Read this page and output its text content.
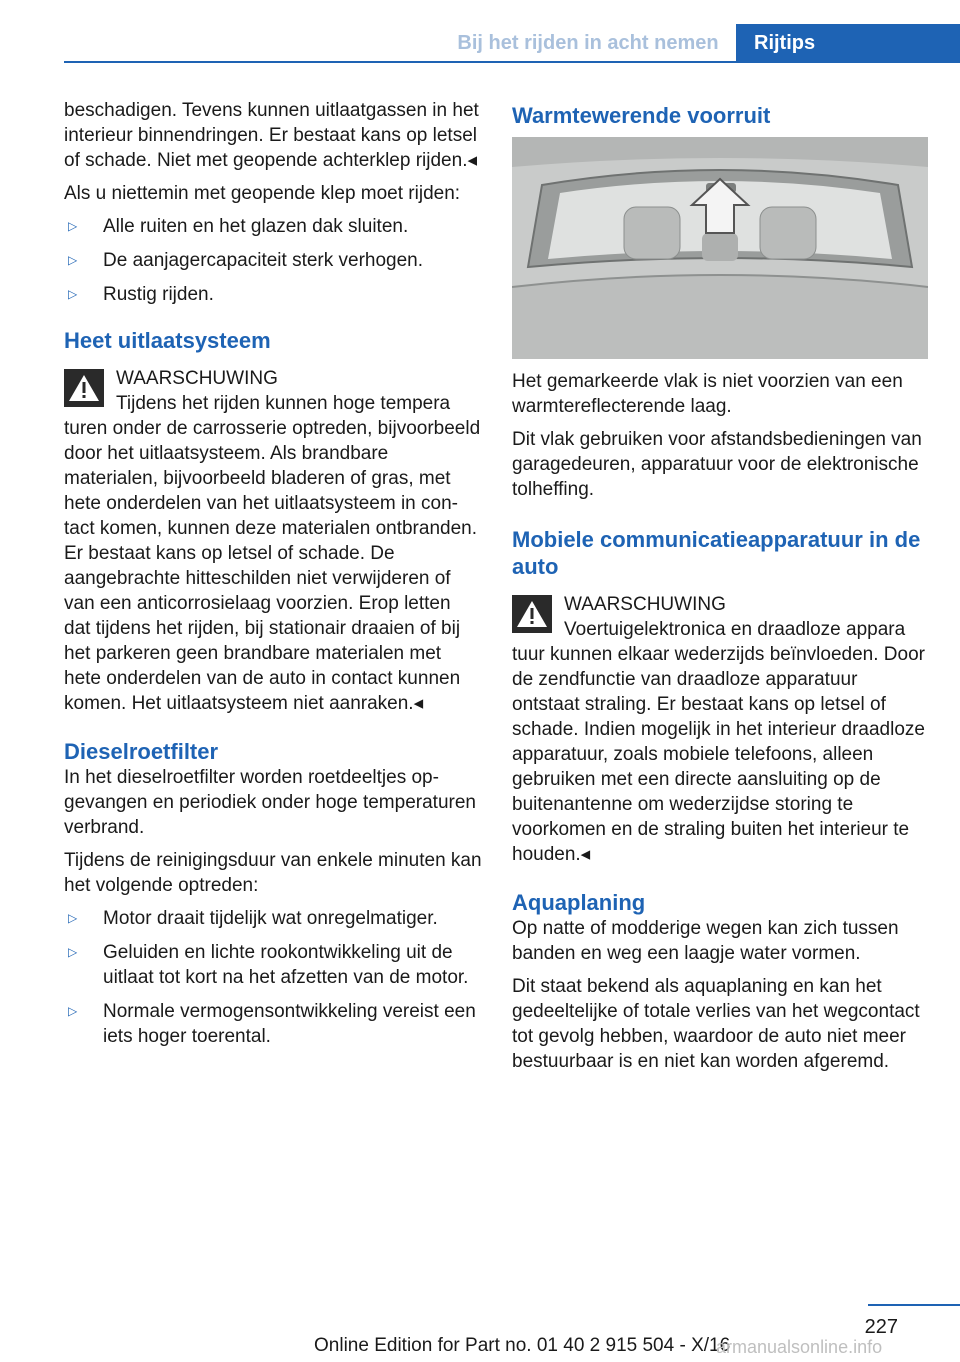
Bij het rijden in acht nemen	Rijtips

beschadigen. Tevens kunnen uitlaatgassen in het interieur binnendringen. Er bestaat kans op letsel of schade. Niet met geopende achterklep rijden.◂

Als u niettemin met geopende klep moet rijden:

▷	Alle ruiten en het glazen dak sluiten.
▷	De aanjagercapaciteit sterk verhogen.
▷	Rustig rijden.
Heet uitlaatsysteem
WAARSCHUWING

Tijdens het rijden kunnen hoge tempera

turen onder de carrosserie optreden, bijvoorbeeld door het uitlaatsysteem. Als brandbare materialen, bijvoorbeeld bladeren of gras, met hete onderdelen van het uitlaatsysteem in contact komen, kunnen deze materialen ontbranden. Er bestaat kans op letsel of schade. De aangebrachte hitteschilden niet verwijderen of van een anticorrosielaag voorzien. Erop letten dat tijdens het rijden, bij stationair draaien of bij het parkeren geen brandbare materialen met hete onderdelen van de auto in contact kunnen komen. Het uitlaatsysteem niet aanraken.◂

Dieselroetfilter

In het dieselroetfilter worden roetdeeltjes opgevangen en periodiek onder hoge temperaturen verbrand.

Tijdens de reinigingsduur van enkele minuten kan het volgende optreden:

▷	Motor draait tijdelijk wat onregelmatiger.
▷	Geluiden en lichte rookontwikkeling uit de uitlaat tot kort na het afzetten van de motor.
▷	Normale vermogensontwikkeling vereist een iets hoger toerental.
Warmtewerende voorruit

Het gemarkeerde vlak is niet voorzien van een warmtereflecterende laag.

Dit vlak gebruiken voor afstandsbedieningen van garagedeuren, apparatuur voor de elektronische tolheffing.

Mobiele communicatieapparatuur in de auto
WAARSCHUWING

Voertuigelektronica en draadloze appara

tuur kunnen elkaar wederzijds beïnvloeden. Door de zendfunctie van draadloze apparatuur ontstaat straling. Er bestaat kans op letsel of schade. Indien mogelijk in het interieur draadloze apparatuur, zoals mobiele telefoons, alleen gebruiken met een directe aansluiting op de buitenantenne om wederzijdse storing te voorkomen en de straling buiten het interieur te houden.◂

Aquaplaning

Op natte of modderige wegen kan zich tussen banden en weg een laagje water vormen.

Dit staat bekend als aquaplaning en kan het gedeeltelijke of totale verlies van het wegcontact tot gevolg hebben, waardoor de auto niet meer bestuurbaar is en niet kan worden afgeremd.

227
Online Edition for Part no. 01 40 2 915 504 - X/16
armanualsonline.info
